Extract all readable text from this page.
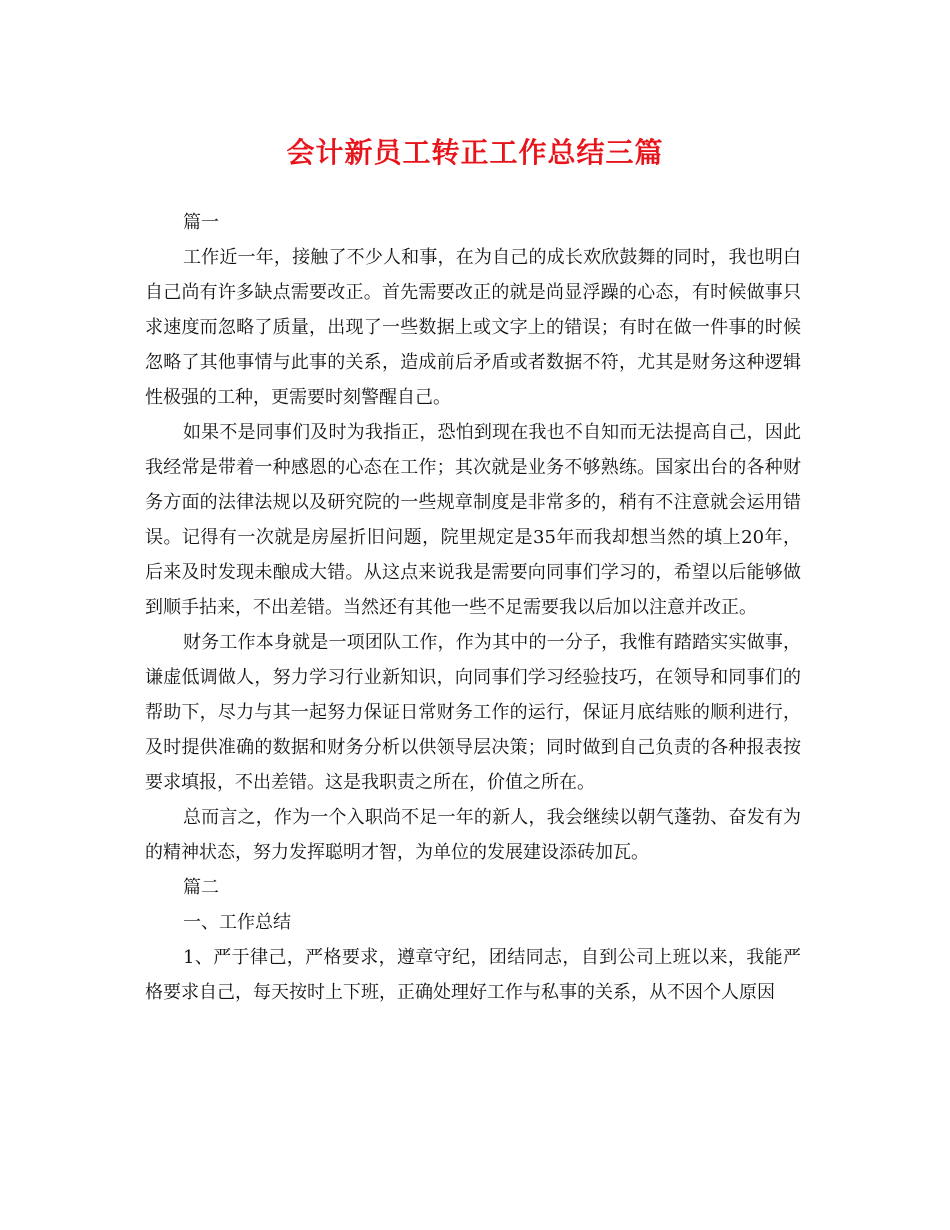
会计新员工转正工作总结三篇

篇一

工作近一年，接触了不少人和事，在为自己的成长欢欣鼓舞的同时，我也明白自己尚有许多缺点需要改正。首先需要改正的就是尚显浮躁的心态，有时候做事只求速度而忽略了质量，出现了一些数据上或文字上的错误；有时在做一件事的时候忽略了其他事情与此事的关系，造成前后矛盾或者数据不符，尤其是财务这种逻辑性极强的工种，更需要时刻警醒自己。

如果不是同事们及时为我指正，恐怕到现在我也不自知而无法提高自己，因此我经常是带着一种感恩的心态在工作；其次就是业务不够熟练。国家出台的各种财务方面的法律法规以及研究院的一些规章制度是非常多的，稍有不注意就会运用错误。记得有一次就是房屋折旧问题，院里规定是35年而我却想当然的填上20年，后来及时发现未酿成大错。从这点来说我是需要向同事们学习的，希望以后能够做到顺手拈来，不出差错。当然还有其他一些不足需要我以后加以注意并改正。

财务工作本身就是一项团队工作，作为其中的一分子，我惟有踏踏实实做事，谦虚低调做人，努力学习行业新知识，向同事们学习经验技巧，在领导和同事们的帮助下，尽力与其一起努力保证日常财务工作的运行，保证月底结账的顺利进行，及时提供准确的数据和财务分析以供领导层决策；同时做到自己负责的各种报表按要求填报，不出差错。这是我职责之所在，价值之所在。

总而言之，作为一个入职尚不足一年的新人，我会继续以朝气蓬勃、奋发有为的精神状态，努力发挥聪明才智，为单位的发展建设添砖加瓦。

篇二

一、工作总结

1、严于律己，严格要求，遵章守纪，团结同志，自到公司上班以来，我能严格要求自己，每天按时上下班，正确处理好工作与私事的关系，从不因个人原因
